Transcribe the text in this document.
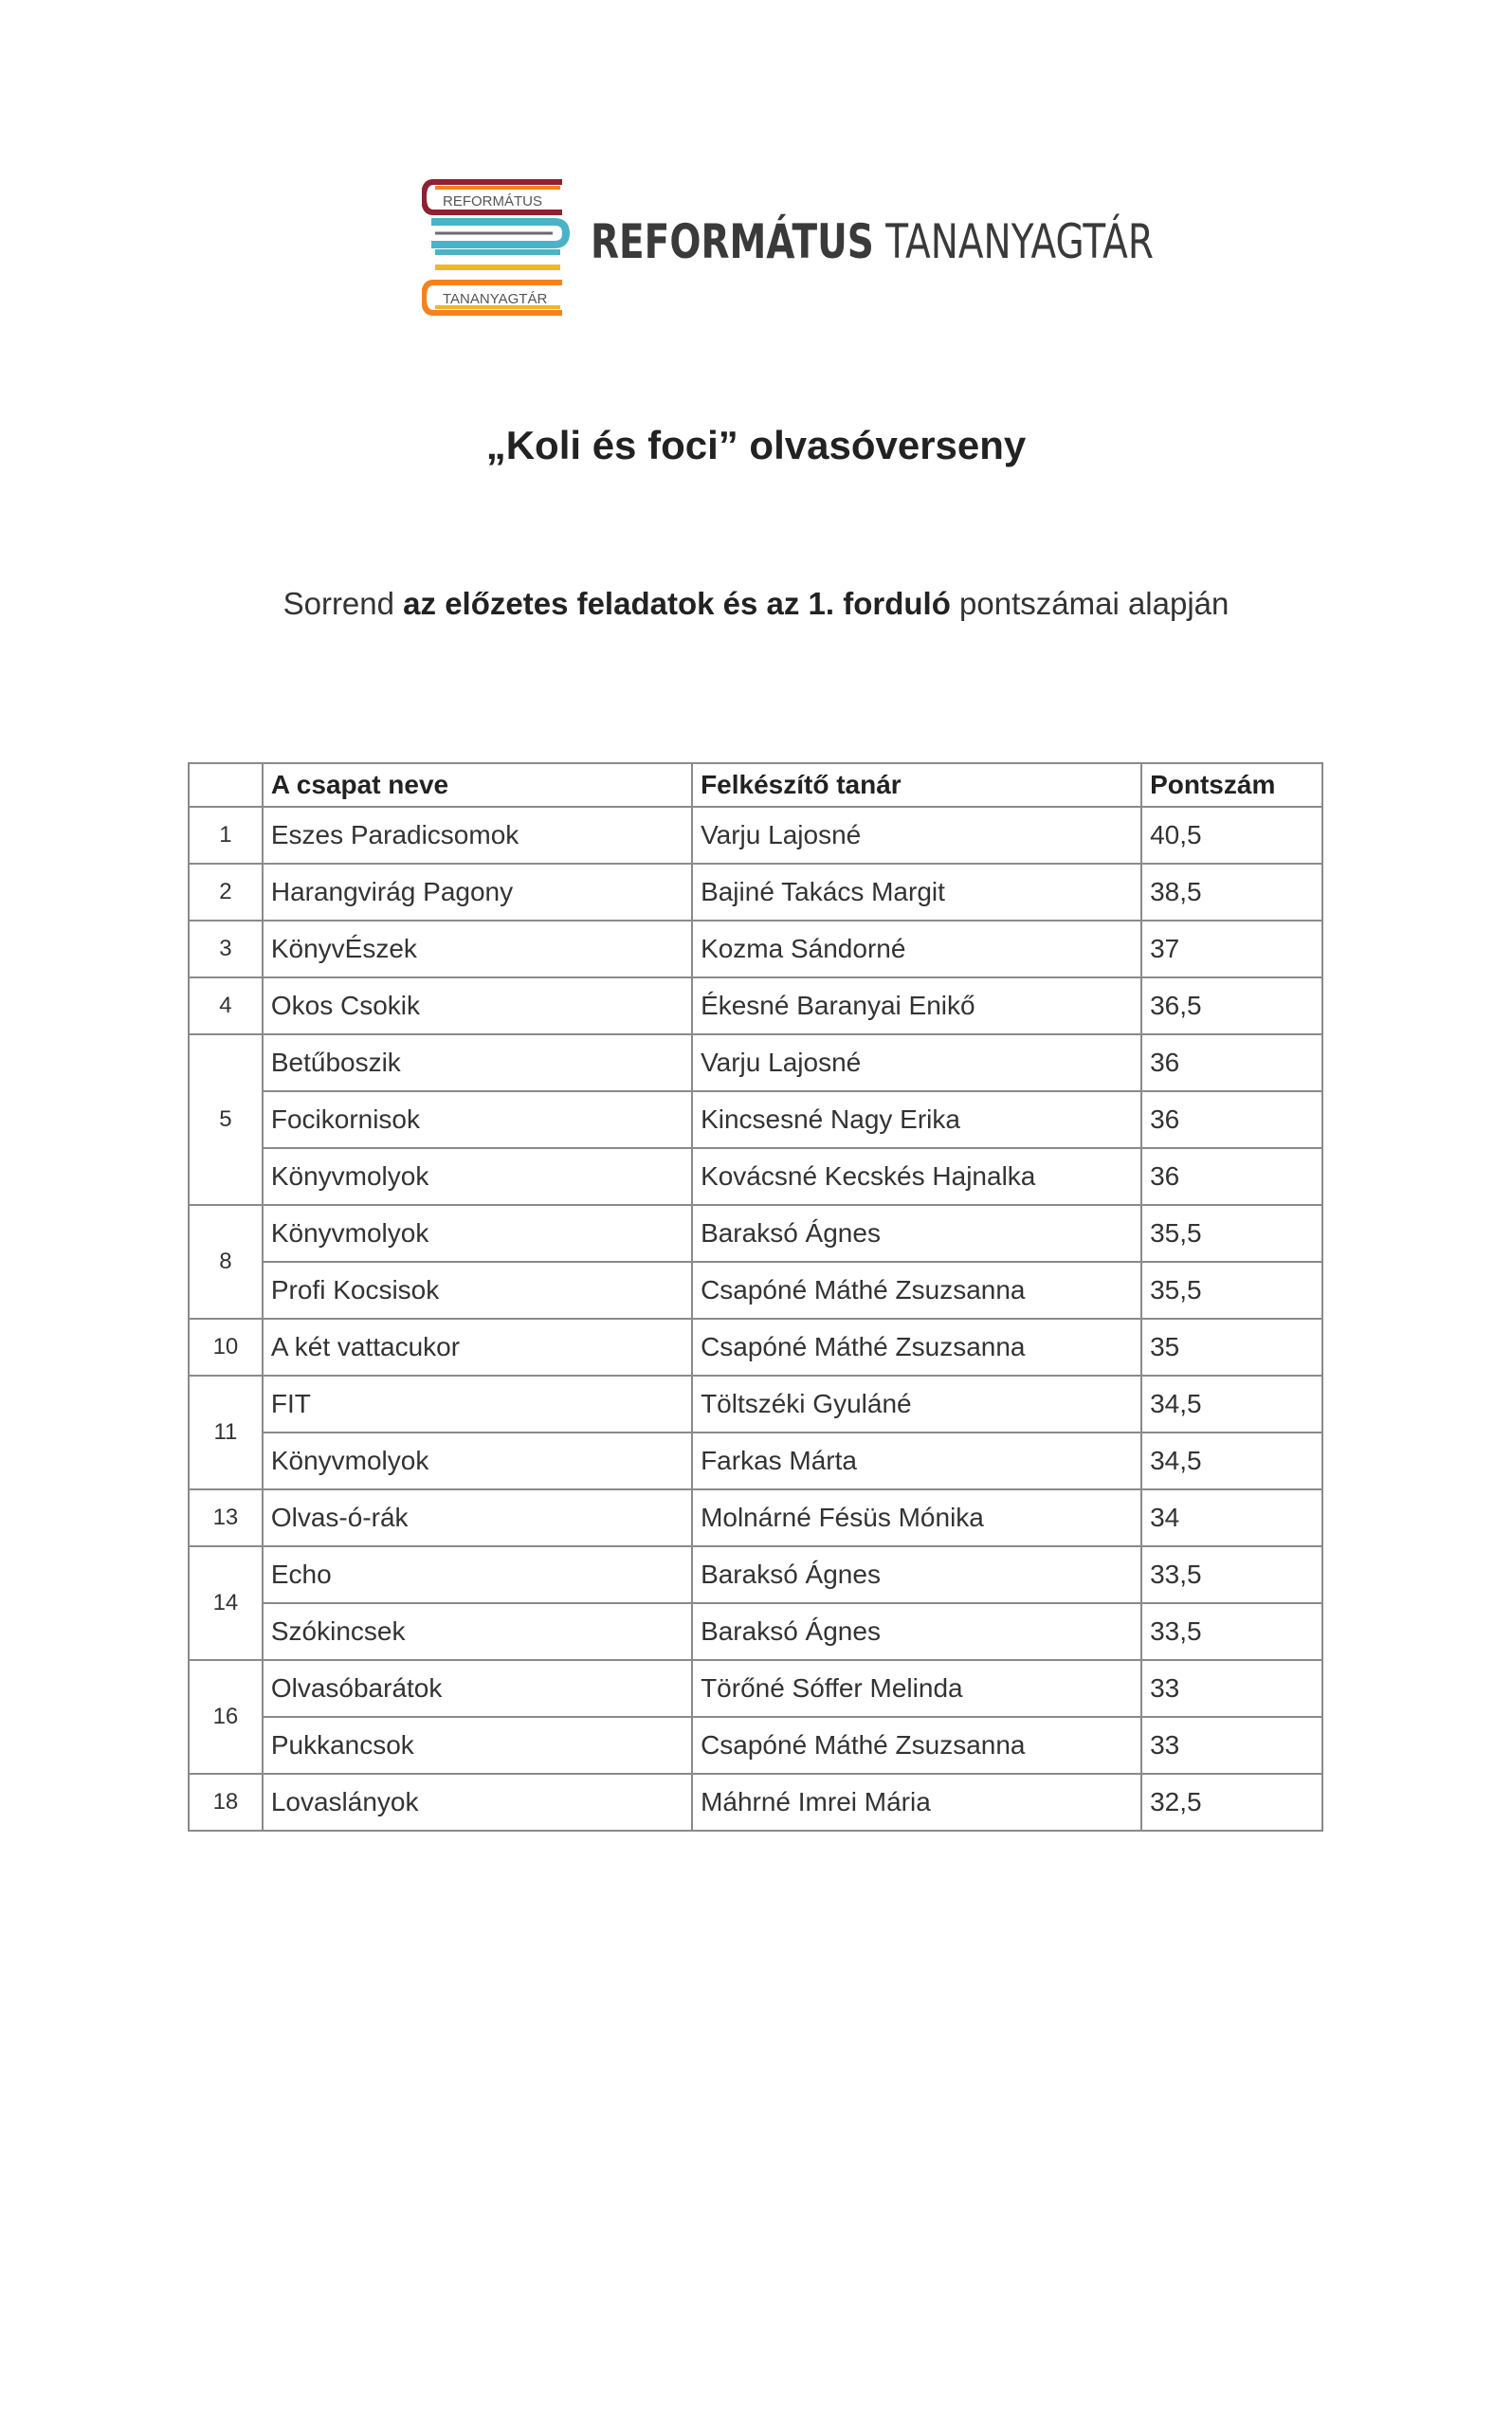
REFORMÁTUS
TANANYAGTÁR
REFORMÁTUS TANANYAGTÁR
„Koli és foci” olvasóverseny
Sorrend az előzetes feladatok és az 1. forduló pontszámai alapján
	A csapat neve	Felkészítő tanár	Pontszám
1	Eszes Paradicsomok	Varju Lajosné	40,5
2	Harangvirág Pagony	Bajiné Takács Margit	38,5
3	KönyvÉszek	Kozma Sándorné	37
4	Okos Csokik	Ékesné Baranyai Enikő	36,5
5	Betűboszik	Varju Lajosné	36
	Focikornisok	Kincsesné Nagy Erika	36
	Könyvmolyok	Kovácsné Kecskés Hajnalka	36
8	Könyvmolyok	Baraksó Ágnes	35,5
	Profi Kocsisok	Csapóné Máthé Zsuzsanna	35,5
10	A két vattacukor	Csapóné Máthé Zsuzsanna	35
11	FIT	Töltszéki Gyuláné	34,5
	Könyvmolyok	Farkas Márta	34,5
13	Olvas-ó-rák	Molnárné Fésüs Mónika	34
14	Echo	Baraksó Ágnes	33,5
	Szókincsek	Baraksó Ágnes	33,5
16	Olvasóbarátok	Törőné Sóffer Melinda	33
	Pukkancsok	Csapóné Máthé Zsuzsanna	33
18	Lovaslányok	Máhrné Imrei Mária	32,5
